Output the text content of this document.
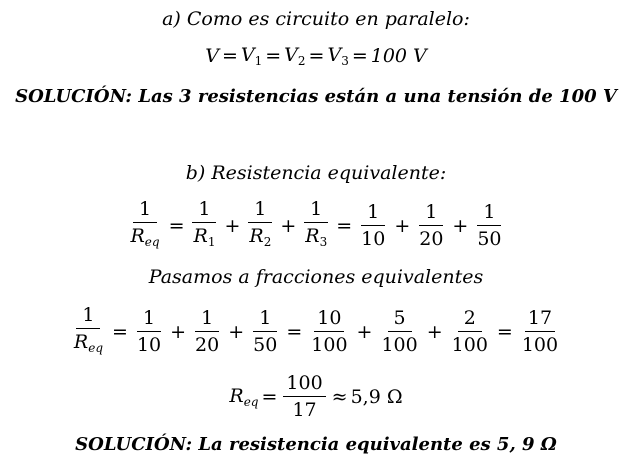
a) Como es circuito en paralelo:
$V = V_1 = V_2 = V_3 = 100$ V
SOLUCIÓN: Las 3 resistencias están a una tensión de 100 V
b) Resistencia equivalente:
$\frac{1}{R_{eq}} = \frac{1}{R_1} + \frac{1}{R_2} + \frac{1}{R_3} = \frac{1}{10} + \frac{1}{20} + \frac{1}{50}$
Pasamos a fracciones equivalentes
$\frac{1}{R_{eq}} = \frac{1}{10} + \frac{1}{20} + \frac{1}{50} = \frac{10}{100} + \frac{5}{100} + \frac{2}{100} = \frac{17}{100}$
$R_{eq} = \frac{100}{17} \approx 5,9$ Ω
SOLUCIÓN: La resistencia equivalente es 5, 9 Ω
